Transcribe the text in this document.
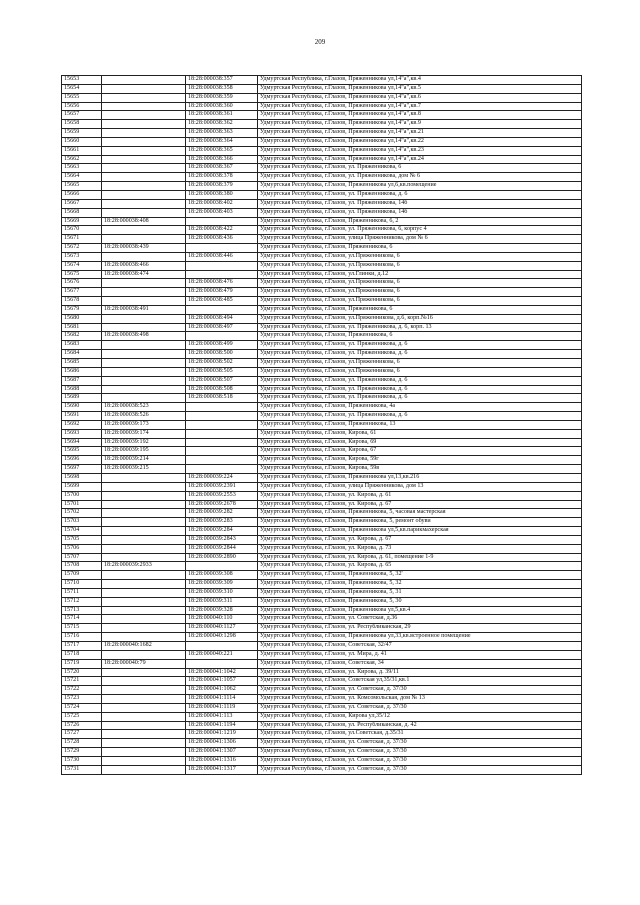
209
15653		18:28:000038:357	Удмуртская Республика, г.Глазов, Пряженникова ул,14"а",кв.4
15654		18:28:000038:358	Удмуртская Республика, г.Глазов, Пряженникова ул,14"а",кв.5
15655		18:28:000038:359	Удмуртская Республика, г.Глазов, Пряженникова ул,14"а",кв.6
15656		18:28:000038:360	Удмуртская Республика, г.Глазов, Пряженникова ул,14"а",кв.7
15657		18:28:000038:361	Удмуртская Республика, г.Глазов, Пряженникова ул,14"а",кв.8
15658		18:28:000038:362	Удмуртская Республика, г.Глазов, Пряженникова ул,14"а",кв.9
15659		18:28:000038:363	Удмуртская Республика, г.Глазов, Пряженникова ул,14"а",кв.21
15660		18:28:000038:364	Удмуртская Республика, г.Глазов, Пряженникова ул,14"а",кв.22
15661		18:28:000038:365	Удмуртская Республика, г.Глазов, Пряженникова ул,14"а",кв.23
15662		18:28:000038:366	Удмуртская Республика, г.Глазов, Пряженникова ул,14"а",кв.24
15663		18:28:000038:367	Удмуртская Республика, г.Глазов, ул. Пряженникова, 6
15664		18:28:000038:378	Удмуртская Республика, г.Глазов, ул. Пряженникова, дом № 6
15665		18:28:000038:379	Удмуртская Республика, г.Глазов, Пряженникова ул,6,кв.помещение
15666		18:28:000038:380	Удмуртская Республика, г.Глазов, ул. Пряженникова, д. 6
15667		18:28:000038:402	Удмуртская Республика, г.Глазов, ул. Пряженникова, 14б
15668		18:28:000038:403	Удмуртская Республика, г.Глазов, ул. Пряженникова, 14б
15669	18:28:000038:408		Удмуртская Республика, г.Глазов, Пряженникова, 6, 2
15670		18:28:000038:422	Удмуртская Республика, г.Глазов, ул. Пряженникова, 6, корпус 4
15671		18:28:000038:436	Удмуртская Республика, г.Глазов, улица Пряженникова, дом № 6
15672	18:28:000038:439		Удмуртская Республика, г.Глазов, Пряженникова, 6
15673		18:28:000038:446	Удмуртская Республика, г.Глазов, ул.Пряженникова, 6
15674	18:28:000038:466		Удмуртская Республика, г.Глазов, ул.Пряженникова, 6
15675	18:28:000038:474		Удмуртская Республика, г.Глазов, ул.Глинки, д.12
15676		18:28:000038:476	Удмуртская Республика, г.Глазов, ул.Пряженникова, 6
15677		18:28:000038:479	Удмуртская Республика, г.Глазов, ул.Пряженникова, 6
15678		18:28:000038:485	Удмуртская Республика, г.Глазов, ул.Пряженникова, 6
15679	18:28:000038:491		Удмуртская Республика, г.Глазов, Пряженникова, 6
15680		18:28:000038:494	Удмуртская Республика, г.Глазов, ул.Пряженникова, д.6, корп.№16
15681		18:28:000038:497	Удмуртская Республика, г.Глазов, ул. Пряженникова, д. 6, корп. 13
15682	18:28:000038:498		Удмуртская Республика, г.Глазов, Пряженникова, 6
15683		18:28:000038:499	Удмуртская Республика, г.Глазов, ул. Пряженникова, д. 6
15684		18:28:000038:500	Удмуртская Республика, г.Глазов, ул. Пряженникова, д. 6
15685		18:28:000038:502	Удмуртская Республика, г.Глазов, ул.Пряженникова, 6
15686		18:28:000038:505	Удмуртская Республика, г.Глазов, ул.Пряженникова, 6
15687		18:28:000038:507	Удмуртская Республика, г.Глазов, ул. Пряженникова, д. 6
15688		18:28:000038:508	Удмуртская Республика, г.Глазов, ул. Пряженникова, д. 6
15689		18:28:000038:518	Удмуртская Республика, г.Глазов, ул. Пряженникова, д. 6
15690	18:28:000038:523		Удмуртская Республика, г.Глазов, Пряженникова, 4а
15691	18:28:000038:526		Удмуртская Республика, г.Глазов, ул. Пряженникова, д. 6
15692	18:28:000039:173		Удмуртская Республика, г.Глазов, Пряженникова, 13
15693	18:28:000039:174		Удмуртская Республика, г.Глазов, Кирова, 61
15694	18:28:000039:192		Удмуртская Республика, г.Глазов, Кирова, 69
15695	18:28:000039:195		Удмуртская Республика, г.Глазов, Кирова, 67
15696	18:28:000039:214		Удмуртская Республика, г.Глазов, Кирова, 59г
15697	18:28:000039:215		Удмуртская Республика, г.Глазов, Кирова, 59в
15698		18:28:000039:224	Удмуртская Республика, г.Глазов, Пряженникова ул,13,кв.216
15699		18:28:000039:2391	Удмуртская Республика, г.Глазов, улица Пряженникова, дом 13
15700		18:28:000039:2553	Удмуртская Республика, г.Глазов, ул. Кирова, д. 61
15701		18:28:000039:2678	Удмуртская Республика, г.Глазов, ул. Кирова, д. 67
15702		18:28:000039:282	Удмуртская Республика, г.Глазов, Пряженникова, 5, часовая мастерская
15703		18:28:000039:283	Удмуртская Республика, г.Глазов, Пряженникова, 5, ремонт обуви
15704		18:28:000039:284	Удмуртская Республика, г.Глазов, Пряженникова ул,5,кв.парикмахерская
15705		18:28:000039:2843	Удмуртская Республика, г.Глазов, ул. Кирова, д. 67
15706		18:28:000039:2844	Удмуртская Республика, г.Глазов, ул. Кирова, д. 73
15707		18:28:000039:2890	Удмуртская Республика, г.Глазов, ул. Кирова, д. 61, помещение 1-9
15708	18:28:000039:2933		Удмуртская Республика, г.Глазов, ул. Кирова, д. 65
15709		18:28:000039:308	Удмуртская Республика, г.Глазов, Пряженникова, 5, 32'
15710		18:28:000039:309	Удмуртская Республика, г.Глазов, Пряженникова, 5, 32
15711		18:28:000039:310	Удмуртская Республика, г.Глазов, Пряженникова, 5, 31
15712		18:28:000039:311	Удмуртская Республика, г.Глазов, Пряженникова, 5, 30
15713		18:28:000039:328	Удмуртская Республика, г.Глазов, Пряженникова ул,5,кв.4
15714		18:28:000040:110	Удмуртская Республика, г.Глазов, ул. Советская, д.36
15715		18:28:000040:1127	Удмуртская Республика, г.Глазов, ул. Республиканская, 29
15716		18:28:000040:1298	Удмуртская Республика, г.Глазов, Пряженникова ул,33,кв.встроенное помещение
15717	18:28:000040:1682		Удмуртская Республика, г.Глазов, Советская, 32/47
15718		18:28:000040:221	Удмуртская Республика, г.Глазов, ул. Мира, д. 41
15719	18:28:000040:79		Удмуртская Республика, г.Глазов, Советская, 34
15720		18:28:000041:1042	Удмуртская Республика, г.Глазов, ул. Кирова, д. 39/11
15721		18:28:000041:1057	Удмуртская Республика, г.Глазов, Советская ул,35/31,кв.1
15722		18:28:000041:1062	Удмуртская Республика, г.Глазов, ул. Советская, д. 37/30
15723		18:28:000041:1114	Удмуртская Республика, г.Глазов, ул. Комсомольская, дом № 13
15724		18:28:000041:1119	Удмуртская Республика, г.Глазов, ул. Советская, д. 37/30
15725		18:28:000041:113	Удмуртская Республика, г.Глазов, Кирова ул,35/12
15726		18:28:000041:1194	Удмуртская Республика, г.Глазов, ул. Республиканская, д. 42
15727		18:28:000041:1219	Удмуртская Республика, г.Глазов, ул.Советская, д.35/31
15728		18:28:000041:1306	Удмуртская Республика, г.Глазов, ул. Советская, д. 37/30
15729		18:28:000041:1307	Удмуртская Республика, г.Глазов, ул. Советская, д. 37/30
15730		18:28:000041:1316	Удмуртская Республика, г.Глазов, ул. Советская, д. 37/30
15731		18:28:000041:1317	Удмуртская Республика, г.Глазов, ул. Советская, д. 37/30
